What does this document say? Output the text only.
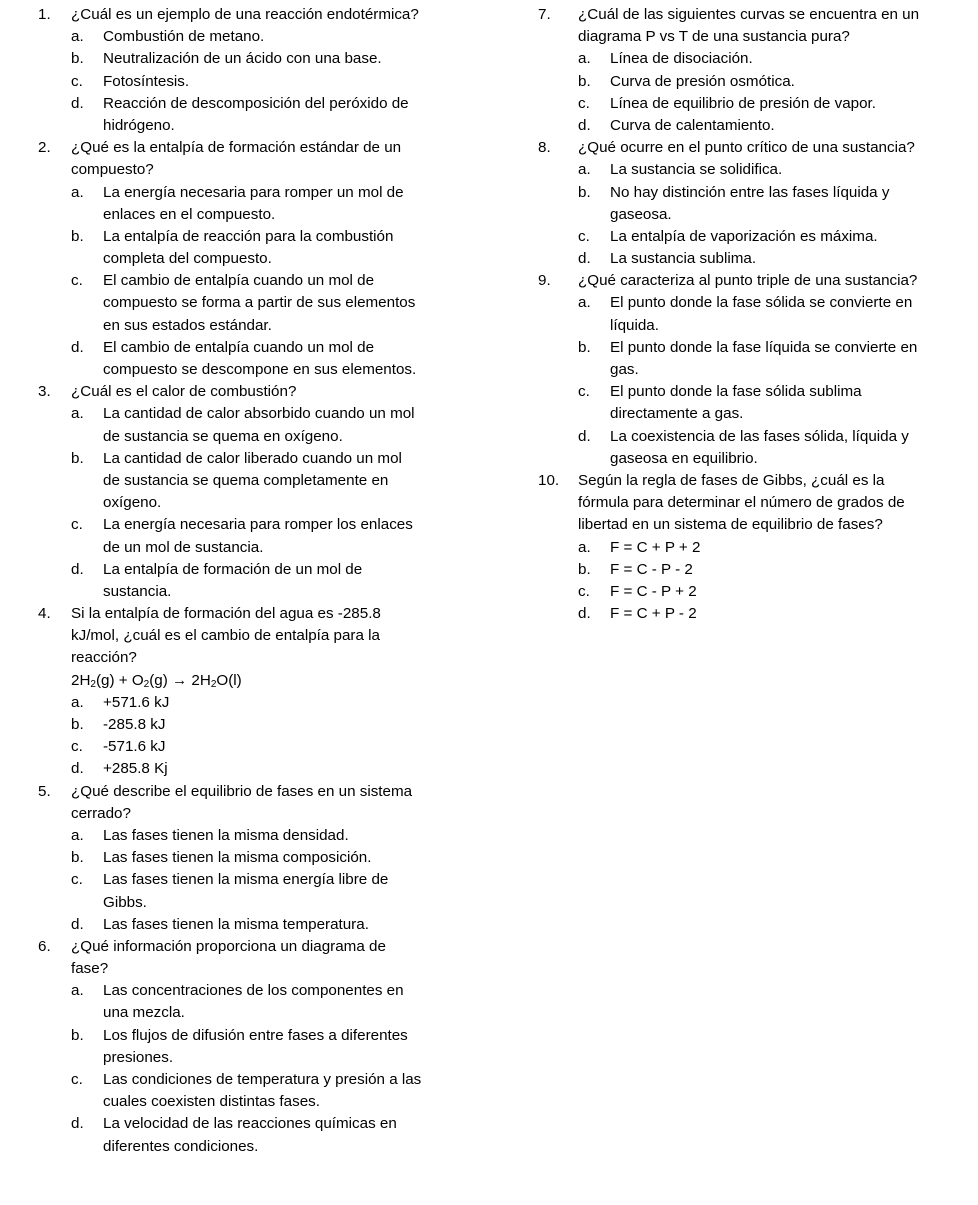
1. ¿Cuál es un ejemplo de una reacción endotérmica?
a. Combustión de metano.
b. Neutralización de un ácido con una base.
c. Fotosíntesis.
d. Reacción de descomposición del peróxido de
hidrógeno.
2. ¿Qué es la entalpía de formación estándar de un
compuesto?
a. La energía necesaria para romper un mol de
enlaces en el compuesto.
b. La entalpía de reacción para la combustión
completa del compuesto.
c. El cambio de entalpía cuando un mol de
compuesto se forma a partir de sus elementos
en sus estados estándar.
d. El cambio de entalpía cuando un mol de
compuesto se descompone en sus elementos.
3. ¿Cuál es el calor de combustión?
a. La cantidad de calor absorbido cuando un mol
de sustancia se quema en oxígeno.
b. La cantidad de calor liberado cuando un mol
de sustancia se quema completamente en
oxígeno.
c. La energía necesaria para romper los enlaces
de un mol de sustancia.
d. La entalpía de formación de un mol de
sustancia.
4. Si la entalpía de formación del agua es -285.8
kJ/mol, ¿cuál es el cambio de entalpía para la
reacción?
$2H_2(g) + O_2(g) \to 2H_2O(l)$
a. +571.6 kJ
b. -285.8 kJ
c. -571.6 kJ
d. +285.8 Kj
5. ¿Qué describe el equilibrio de fases en un sistema
cerrado?
a. Las fases tienen la misma densidad.
b. Las fases tienen la misma composición.
c. Las fases tienen la misma energía libre de
Gibbs.
d. Las fases tienen la misma temperatura.
6. ¿Qué información proporciona un diagrama de
fase?
a. Las concentraciones de los componentes en
una mezcla.
b. Los flujos de difusión entre fases a diferentes
presiones.
c. Las condiciones de temperatura y presión a las
cuales coexisten distintas fases.
d. La velocidad de las reacciones químicas en
diferentes condiciones.
7. ¿Cuál de las siguientes curvas se encuentra en un
diagrama P vs T de una sustancia pura?
a. Línea de disociación.
b. Curva de presión osmótica.
c. Línea de equilibrio de presión de vapor.
d. Curva de calentamiento.
8. ¿Qué ocurre en el punto crítico de una sustancia?
a. La sustancia se solidifica.
b. No hay distinción entre las fases líquida y
gaseosa.
c. La entalpía de vaporización es máxima.
d. La sustancia sublima.
9. ¿Qué caracteriza al punto triple de una sustancia?
a. El punto donde la fase sólida se convierte en
líquida.
b. El punto donde la fase líquida se convierte en
gas.
c. El punto donde la fase sólida sublima
directamente a gas.
d. La coexistencia de las fases sólida, líquida y
gaseosa en equilibrio.
10. Según la regla de fases de Gibbs, ¿cuál es la
fórmula para determinar el número de grados de
libertad en un sistema de equilibrio de fases?
a. F = C + P + 2
b. F = C - P - 2
c. F = C - P + 2
d. F = C + P - 2
